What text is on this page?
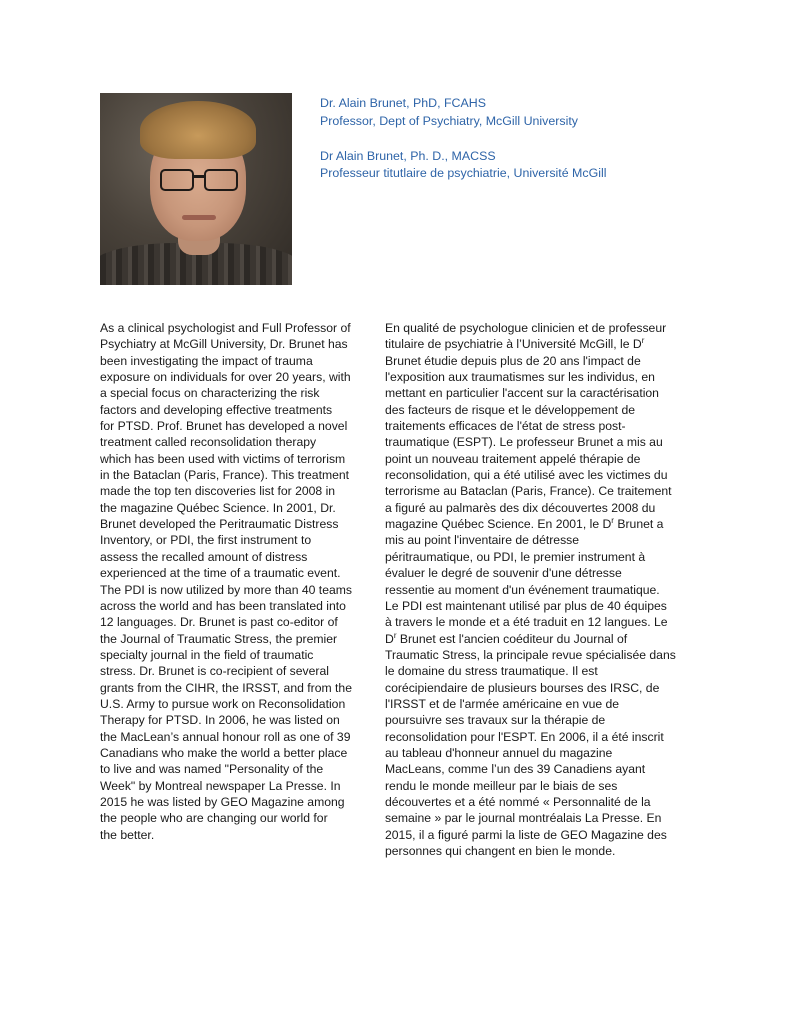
Dr. Alain Brunet, PhD, FCAHS
Professor, Dept of Psychiatry, McGill University
Dr Alain Brunet, Ph. D., MACSS
Professeur titutlaire de psychiatrie, Université McGill
As a clinical psychologist and Full Professor of
Psychiatry at McGill University, Dr. Brunet has
been investigating the impact of trauma
exposure on individuals for over 20 years, with
a special focus on characterizing the risk
factors and developing effective treatments
for PTSD. Prof. Brunet has developed a novel
treatment called reconsolidation therapy
which has been used with victims of terrorism
in the Bataclan (Paris, France). This treatment
made the top ten discoveries list for 2008 in
the magazine Québec Science. In 2001, Dr.
Brunet developed the Peritraumatic Distress
Inventory, or PDI, the first instrument to
assess the recalled amount of distress
experienced at the time of a traumatic event.
The PDI is now utilized by more than 40 teams
across the world and has been translated into
12 languages. Dr. Brunet is past co-editor of
the Journal of Traumatic Stress, the premier
specialty journal in the field of traumatic
stress. Dr. Brunet is co-recipient of several
grants from the CIHR, the IRSST, and from the
U.S. Army to pursue work on Reconsolidation
Therapy for PTSD. In 2006, he was listed on
the MacLean’s annual honour roll as one of 39
Canadians who make the world a better place
to live and was named "Personality of the
Week" by Montreal newspaper La Presse. In
2015 he was listed by GEO Magazine among
the people who are changing our world for
the better.
En qualité de psychologue clinicien et de professeur
titulaire de psychiatrie à l’Université McGill, le $D^r$
Brunet étudie depuis plus de 20 ans l'impact de
l'exposition aux traumatismes sur les individus, en
mettant en particulier l'accent sur la caractérisation
des facteurs de risque et le développement de
traitements efficaces de l'état de stress post-
traumatique (ESPT). Le professeur Brunet a mis au
point un nouveau traitement appelé thérapie de
reconsolidation, qui a été utilisé avec les victimes du
terrorisme au Bataclan (Paris, France). Ce traitement
a figuré au palmarès des dix découvertes 2008 du
magazine Québec Science. En 2001, le $D^r$ Brunet a
mis au point l'inventaire de détresse
péritraumatique, ou PDI, le premier instrument à
évaluer le degré de souvenir d'une détresse
ressentie au moment d'un événement traumatique.
Le PDI est maintenant utilisé par plus de 40 équipes
à travers le monde et a été traduit en 12 langues. Le
$D^r$ Brunet est l'ancien coéditeur du Journal of
Traumatic Stress, la principale revue spécialisée dans
le domaine du stress traumatique. Il est
corécipiendaire de plusieurs bourses des IRSC, de
l'IRSST et de l'armée américaine en vue de
poursuivre ses travaux sur la thérapie de
reconsolidation pour l'ESPT. En 2006, il a été inscrit
au tableau d'honneur annuel du magazine
MacLeans, comme l’un des 39 Canadiens ayant
rendu le monde meilleur par le biais de ses
découvertes et a été nommé « Personnalité de la
semaine » par le journal montréalais La Presse. En
2015, il a figuré parmi la liste de GEO Magazine des
personnes qui changent en bien le monde.
